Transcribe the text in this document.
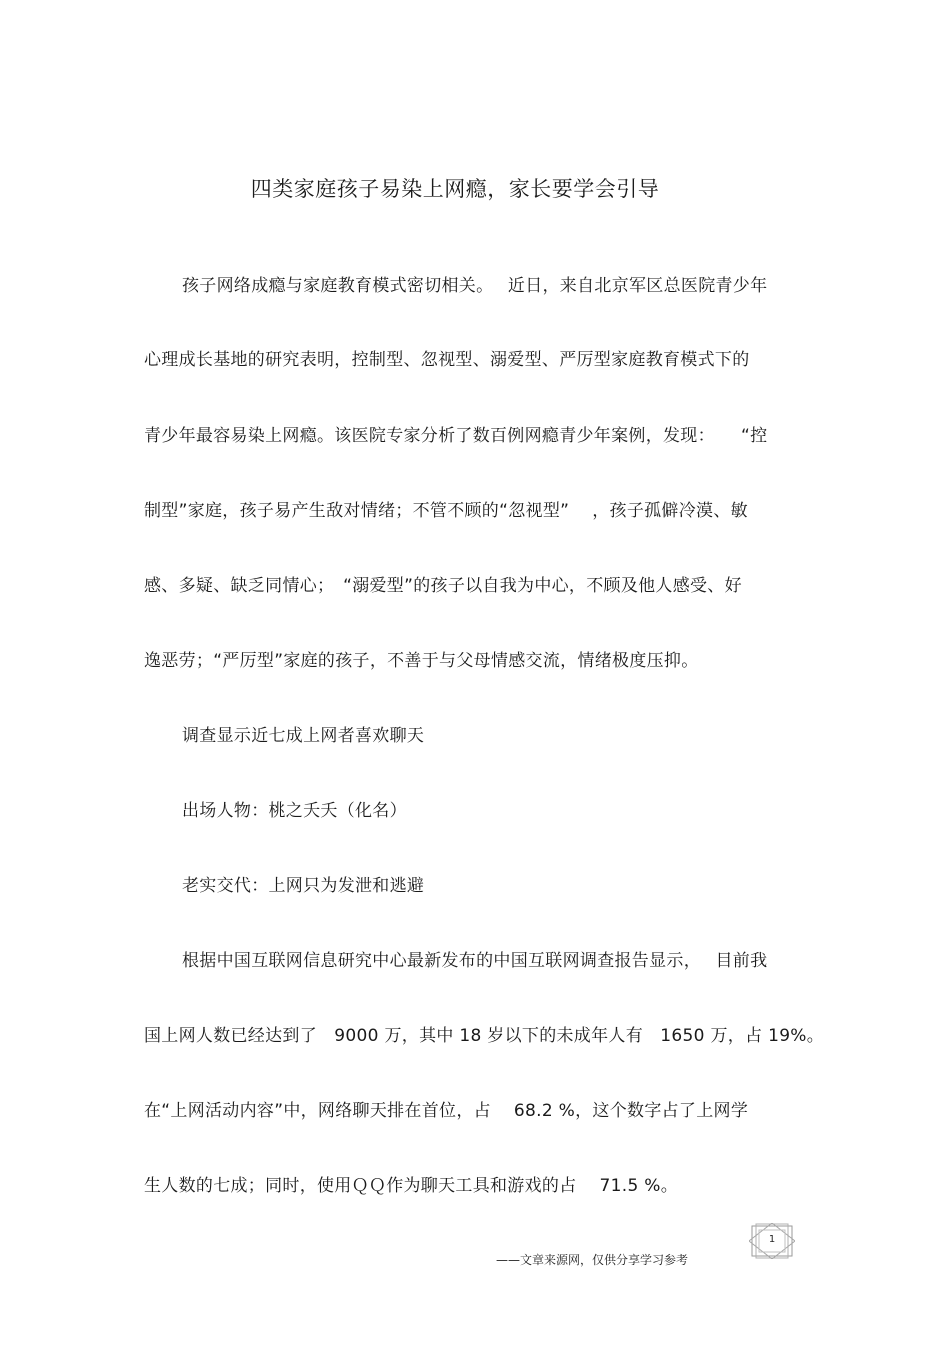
四类家庭孩子易染上网瘾，家长要学会引导
孩子网络成瘾与家庭教育模式密切相关。　 近日，来自北京军区总医院青少年
心理成长基地的研究表明，控制型、忽视型、溺爱型、严厉型家庭教育模式下的
青少年最容易染上网瘾。该医院专家分析了数百例网瘾青少年案例，发现：　　“控
制型”家庭，孩子易产生敌对情绪；不管不顾的“忽视型”　 ，孩子孤僻冷漠、敏
感、多疑、缺乏同情心；　“溺爱型”的孩子以自我为中心，不顾及他人感受、好
逸恶劳；“严厉型”家庭的孩子，不善于与父母情感交流，情绪极度压抑。
调查显示近七成上网者喜欢聊天
出场人物：桃之夭夭（化名）
老实交代：上网只为发泄和逃避
根据中国互联网信息研究中心最新发布的中国互联网调查报告显示，　 目前我
国上网人数已经达到了　9000 万，其中 18 岁以下的未成年人有　1650 万，占 19%。
在“上网活动内容”中，网络聊天排在首位，占　 68.2 %，这个数字占了上网学
生人数的七成；同时，使用ＱＱ作为聊天工具和游戏的占　 71.5 %。
1
——文章来源网，仅供分享学习参考
